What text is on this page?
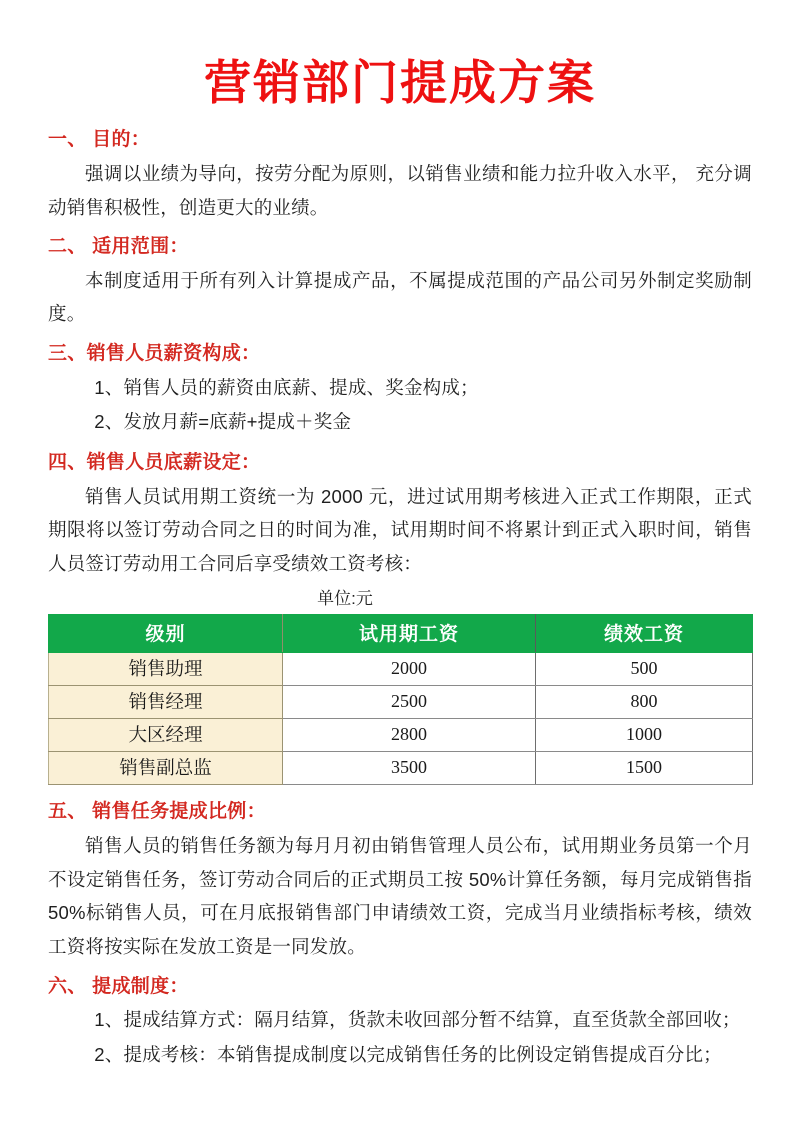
营销部门提成方案
一、 目的：

强调以业绩为导向，按劳分配为原则，以销售业绩和能力拉升收入水平， 充分调动销售积极性，创造更大的业绩。

二、 适用范围：

本制度适用于所有列入计算提成产品，不属提成范围的产品公司另外制定奖励制度。

三、销售人员薪资构成：

1、销售人员的薪资由底薪、提成、奖金构成；

2、发放月薪=底薪+提成＋奖金

四、销售人员底薪设定：

销售人员试用期工资统一为 2000 元，进过试用期考核进入正式工作期限，正式期限将以签订劳动合同之日的时间为准，试用期时间不将累计到正式入职时间，销售人员签订劳动用工合同后享受绩效工资考核：

单位:元
级别	试用期工资	绩效工资
销售助理	2000	500
销售经理	2500	800
大区经理	2800	1000
销售副总监	3500	1500
五、 销售任务提成比例：

销售人员的销售任务额为每月月初由销售管理人员公布，试用期业务员第一个月不设定销售任务，签订劳动合同后的正式期员工按 50%计算任务额，每月完成销售指 50%标销售人员，可在月底报销售部门申请绩效工资，完成当月业绩指标考核，绩效工资将按实际在发放工资是一同发放。

六、 提成制度：

1、提成结算方式：隔月结算，货款未收回部分暂不结算，直至货款全部回收；

2、提成考核：本销售提成制度以完成销售任务的比例设定销售提成百分比；
